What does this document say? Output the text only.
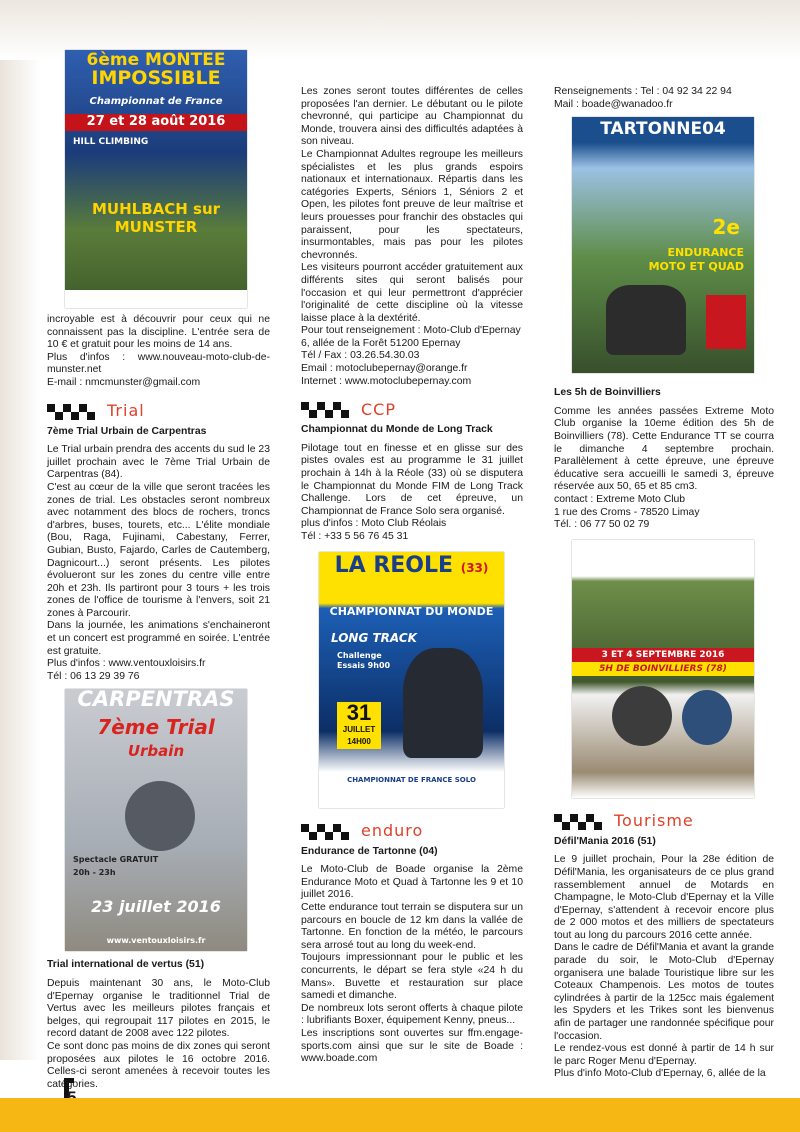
6ème MONTEE
IMPOSSIBLE
Championnat de France
27 et 28 août 2016
HILL CLIMBING
MUHLBACH sur MUNSTER

incroyable est à découvrir pour ceux qui ne connaissent pas la discipline. L'entrée sera de 10 € et gratuit pour les moins de 14 ans.

Plus d'infos : www.nouveau-moto-club-de-munster.net

E-mail : nmcmunster@gmail.com

Trial

7ème Trial Urbain de Carpentras

Le Trial urbain prendra des accents du sud le 23 juillet prochain avec le 7ème Trial Urbain de Carpentras (84).

C'est au cœur de la ville que seront tracées les zones de trial. Les obstacles seront nombreux avec notamment des blocs de rochers, troncs d'arbres, buses, tourets, etc... L'élite mondiale (Bou, Raga, Fujinami, Cabestany, Ferrer, Gubian, Busto, Fajardo, Carles de Cautemberg, Dagnicourt...) seront présents. Les pilotes évolueront sur les zones du centre ville entre 20h et 23h. Ils partiront pour 3 tours + les trois zones de l'office de tourisme à l'envers, soit 21 zones à Parcourir.

Dans la journée, les animations s'enchaineront et un concert est programmé en soirée. L'entrée est gratuite.

Plus d'infos : www.ventouxloisirs.fr

Tél : 06 13 29 39 76

CARPENTRAS
7ème Trial
Urbain
Spectacle GRATUIT 20h - 23h
23 juillet 2016
www.ventouxloisirs.fr

Trial international de vertus (51)

Depuis maintenant 30 ans, le Moto-Club d'Epernay organise le traditionnel Trial de Vertus avec les meilleurs pilotes français et belges, qui regroupait 117 pilotes en 2015, le record datant de 2008 avec 122 pilotes.

Ce sont donc pas moins de dix zones qui seront proposées aux pilotes le 16 octobre 2016. Celles-ci seront amenées à recevoir toutes les catégories.

Les zones seront toutes différentes de celles proposées l'an dernier. Le débutant ou le pilote chevronné, qui participe au Championnat du Monde, trouvera ainsi des difficultés adaptées à son niveau.

Le Championnat Adultes regroupe les meilleurs spécialistes et les plus grands espoirs nationaux et internationaux. Répartis dans les catégories Experts, Séniors 1, Séniors 2 et Open, les pilotes font preuve de leur maîtrise et leurs prouesses pour franchir des obstacles qui paraissent, pour les spectateurs, insurmontables, mais pas pour les pilotes chevronnés.

Les visiteurs pourront accéder gratuitement aux différents sites qui seront balisés pour l'occasion et qui leur permettront d'apprécier l'originalité de cette discipline où la vitesse laisse place à la dextérité.

Pour tout renseignement : Moto-Club d'Epernay

6, allée de la Forêt 51200 Epernay

Tél / Fax : 03.26.54.30.03

Email : motoclubepernay@orange.fr

Internet : www.motoclubepernay.com

CCP

Championnat du Monde de Long Track

Pilotage tout en finesse et en glisse sur des pistes ovales est au programme le 31 juillet prochain à 14h à la Réole (33) où se disputera le Championnat du Monde FIM de Long Track Challenge. Lors de cet épreuve, un Championnat de France Solo sera organisé.

plus d'infos : Moto Club Réolais

Tél : +33 5 56 76 45 31

LA REOLE (33)
CHAMPIONNAT DU MONDE
LONG TRACK
Challenge
Essais 9h00
31
JUILLET
14H00
CHAMPIONNAT DE FRANCE SOLO
enduro

Endurance de Tartonne (04)

Le Moto-Club de Boade organise la 2ème Endurance Moto et Quad à Tartonne les 9 et 10 juillet 2016.

Cette endurance tout terrain se disputera sur un parcours en boucle de 12 km dans la vallée de Tartonne. En fonction de la météo, le parcours sera arrosé tout au long du week-end.

Toujours impressionnant pour le public et les concurrents, le départ se fera style «24 h du Mans». Buvette et restauration sur place samedi et dimanche.

De nombreux lots seront offerts à chaque pilote : lubrifiants Boxer, équipement Kenny, pneus...

Les inscriptions sont ouvertes sur ffm.engage-sports.com ainsi que sur le site de Boade : www.boade.com

Renseignements : Tel : 04 92 34 22 94

Mail : boade@wanadoo.fr

TARTONNE04
2e
ENDURANCE
MOTO ET QUAD

Les 5h de Boinvilliers

Comme les années passées Extreme Moto Club organise la 10eme édition des 5h de Boinvilliers (78). Cette Endurance TT se courra le dimanche 4 septembre prochain. Parallèlement à cette épreuve, une épreuve éducative sera accueilli le samedi 3, épreuve réservée aux 50, 65 et 85 cm3.

contact : Extreme Moto Club

1 rue des Croms - 78520 Limay

Tél. : 06 77 50 02 79

3 ET 4 SEPTEMBRE 2016
5H DE BOINVILLIERS (78)
Tourisme

Défil'Mania 2016 (51)

Le 9 juillet prochain, Pour la 28e édition de Défil'Mania, les organisateurs de ce plus grand rassemblement annuel de Motards en Champagne, le Moto-Club d'Epernay et la Ville d'Epernay, s'attendent à recevoir encore plus de 2 000 motos et des milliers de spectateurs tout au long du parcours 2016 cette année.

Dans le cadre de Défil'Mania et avant la grande parade du soir, le Moto-Club d'Epernay organisera une balade Touristique libre sur les Coteaux Champenois. Les motos de toutes cylindrées à partir de la 125cc mais également les Spyders et les Trikes sont les bienvenus afin de partager une randonnée spécifique pour l'occasion.

Le rendez-vous est donné à partir de 14 h sur le parc Roger Menu d'Epernay.

Plus d'info Moto-Club d'Epernay, 6, allée de la
